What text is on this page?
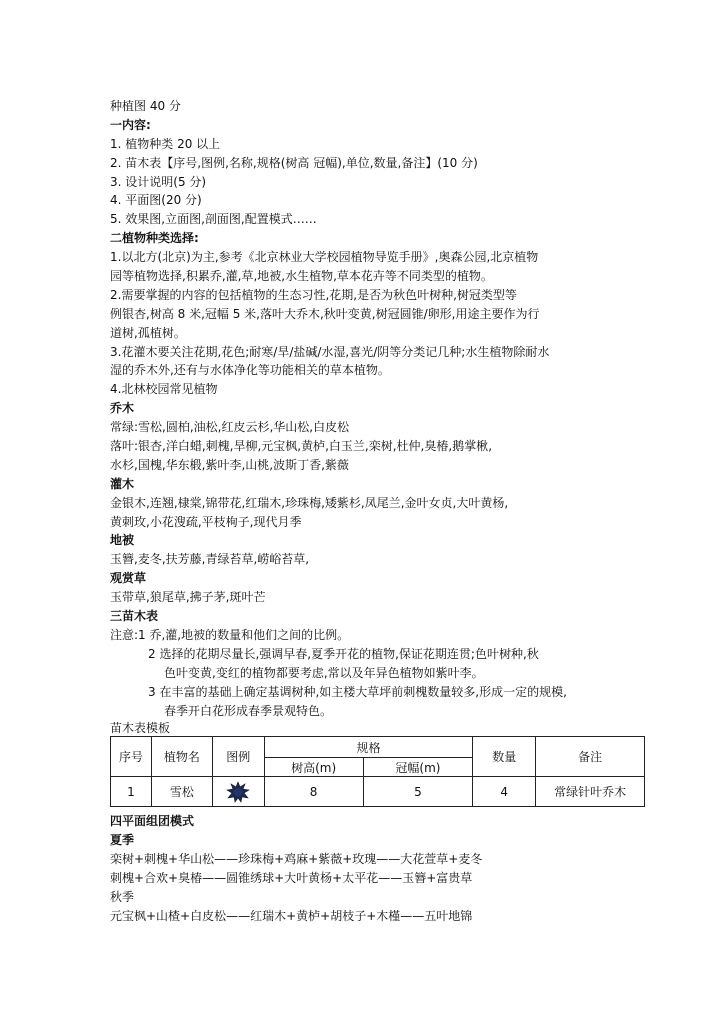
种植图 40 分
一内容:
1. 植物种类 20 以上
2. 苗木表【序号,图例,名称,规格(树高 冠幅),单位,数量,备注】(10 分)
3. 设计说明(5 分)
4. 平面图(20 分)
5. 效果图,立面图,剖面图,配置模式……
二植物种类选择:
1.以北方(北京)为主,参考《北京林业大学校园植物导览手册》,奥森公园,北京植物
园等植物选择,积累乔,灌,草,地被,水生植物,草本花卉等不同类型的植物。
2.需要掌握的内容的包括植物的生态习性,花期,是否为秋色叶树种,树冠类型等
例银杏,树高 8 米,冠幅 5 米,落叶大乔木,秋叶变黄,树冠圆锥/卵形,用途主要作为行
道树,孤植树。
3.花灌木要关注花期,花色;耐寒/旱/盐碱/水湿,喜光/阴等分类记几种;水生植物除耐水
湿的乔木外,还有与水体净化等功能相关的草本植物。
4.北林校园常见植物
乔木
常绿:雪松,圆柏,油松,红皮云杉,华山松,白皮松
落叶:银杏,洋白蜡,刺槐,旱柳,元宝枫,黄栌,白玉兰,栾树,杜仲,臭椿,鹅掌楸,
水杉,国槐,华东椴,紫叶李,山桃,波斯丁香,紫薇
灌木
金银木,连翘,棣棠,锦带花,红瑞木,珍珠梅,矮紫杉,凤尾兰,金叶女贞,大叶黄杨,
黄刺玫,小花溲疏,平枝栒子,现代月季
地被
玉簪,麦冬,扶芳藤,青绿苔草,崂峪苔草,
观赏草
玉带草,狼尾草,拂子茅,斑叶芒
三苗木表
注意:1 乔,灌,地被的数量和他们之间的比例。
2 选择的花期尽量长,强调早春,夏季开花的植物,保证花期连贯;色叶树种,秋
色叶变黄,变红的植物都要考虑,常以及年异色植物如紫叶李。
3 在丰富的基础上确定基调树种,如主楼大草坪前刺槐数量较多,形成一定的规模,
春季开白花形成春季景观特色。
苗木表模板
序号	植物名	图例	规格		数量	备注
			树高(m)	冠幅(m)		
1	雪松		8	5	4	常绿针叶乔木
四平面组团模式
夏季
栾树+刺槐+华山松——珍珠梅+鸡麻+紫薇+玫瑰——大花萱草+麦冬
刺槐+合欢+臭椿——圆锥绣球+大叶黄杨+太平花——玉簪+富贵草
秋季
元宝枫+山楂+白皮松——红瑞木+黄栌+胡枝子+木槿——五叶地锦
